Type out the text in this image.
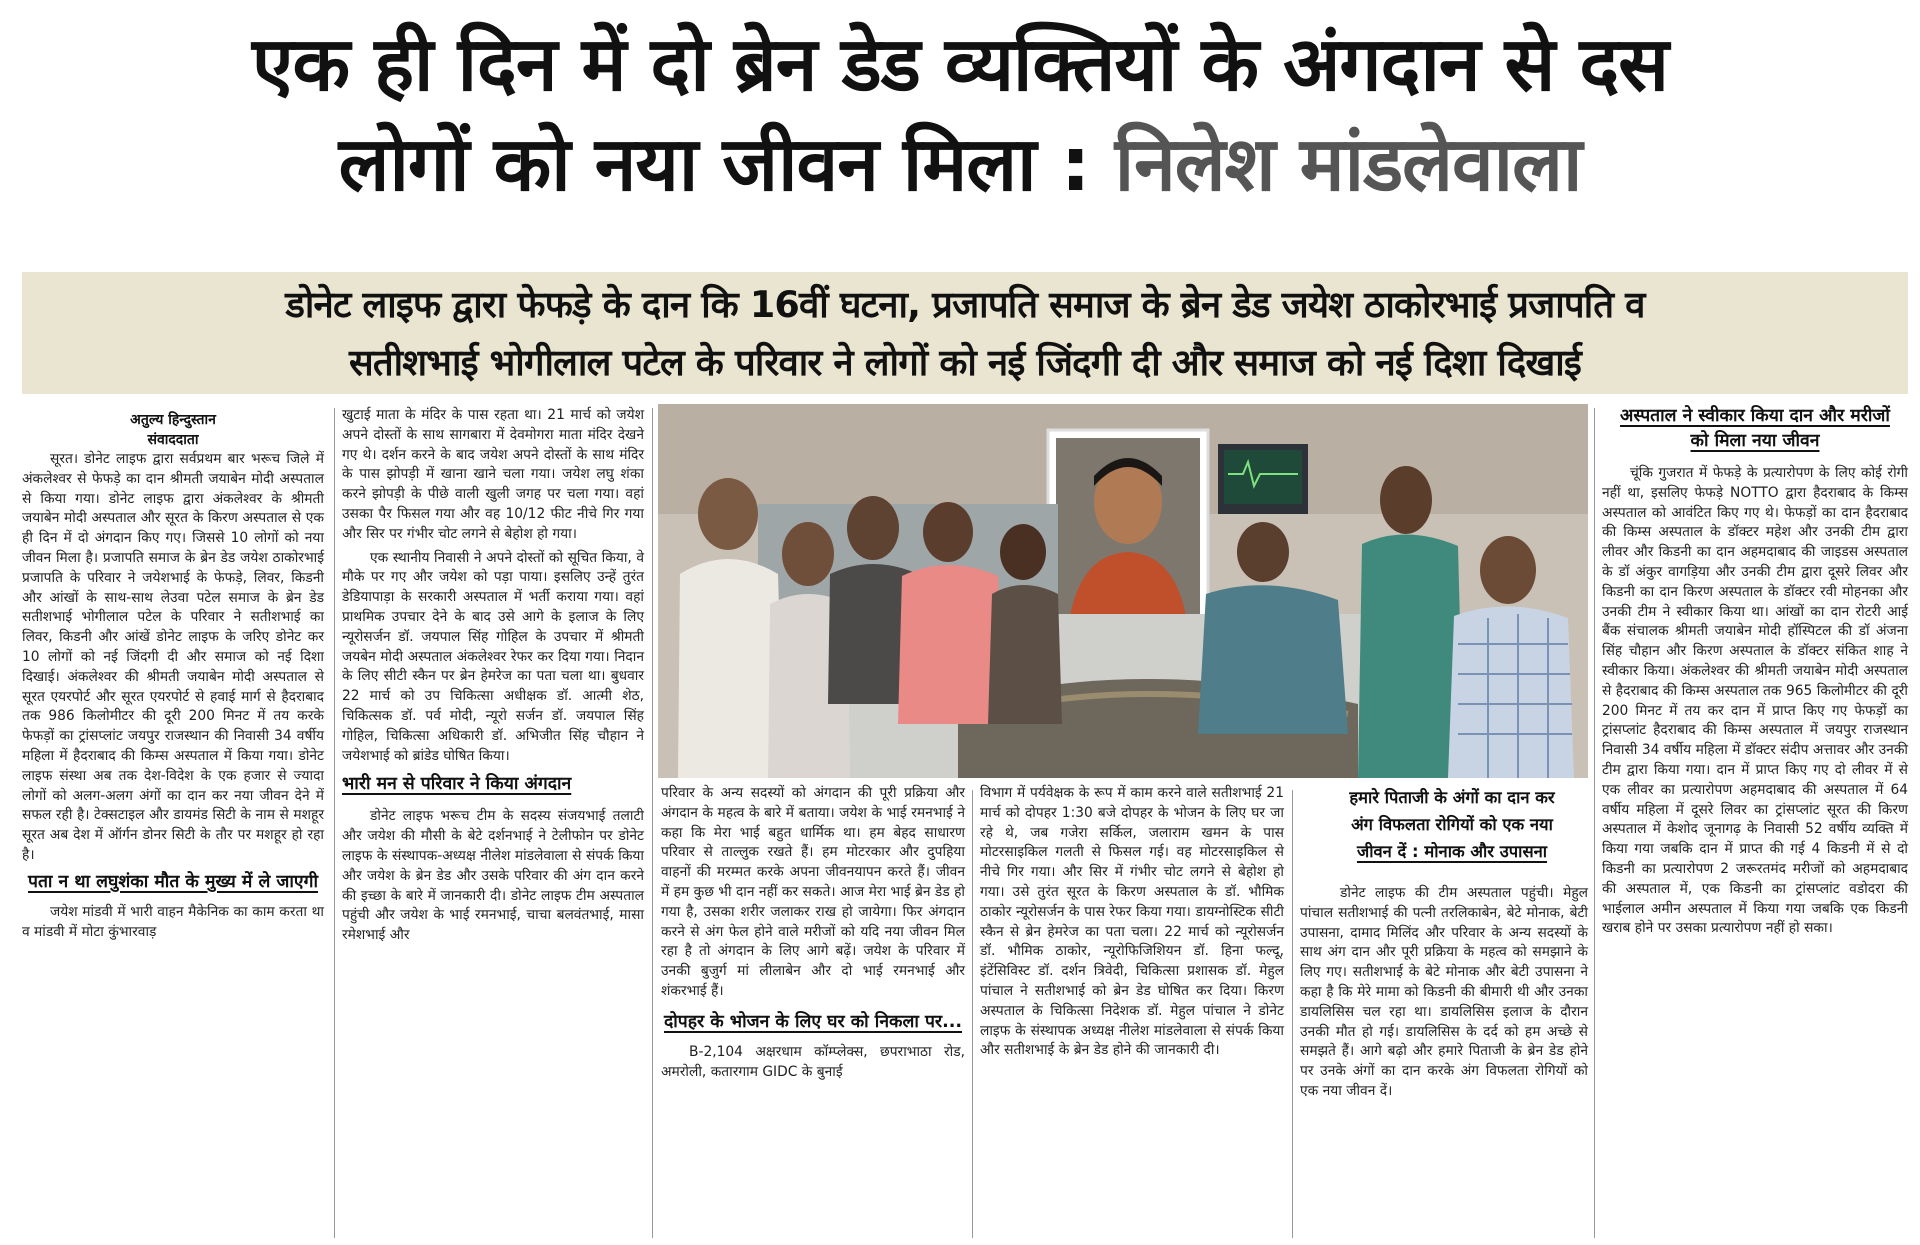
एक ही दिन में दो ब्रेन डेड व्यक्तियों के अंगदान से दस
लोगों को नया जीवन मिला : निलेश मांडलेवाला
डोनेट लाइफ द्वारा फेफड़े के दान कि 16वीं घटना, प्रजापति समाज के ब्रेन डेड जयेश ठाकोरभाई प्रजापति व
सतीशभाई भोगीलाल पटेल के परिवार ने लोगों को नई जिंदगी दी और समाज को नई दिशा दिखाई
अतुल्य हिन्दुस्तान
संवाददाता

सूरत। डोनेट लाइफ द्वारा सर्वप्रथम बार भरूच जिले में अंकलेश्वर से फेफड़े का दान श्रीमती जयाबेन मोदी अस्पताल से किया गया। डोनेट लाइफ द्वारा अंकलेश्वर के श्रीमती जयाबेन मोदी अस्पताल और सूरत के किरण अस्पताल से एक ही दिन में दो अंगदान किए गए। जिससे 10 लोगों को नया जीवन मिला है। प्रजापति समाज के ब्रेन डेड जयेश ठाकोरभाई प्रजापति के परिवार ने जयेशभाई के फेफड़े, लिवर, किडनी और आंखों के साथ-साथ लेउवा पटेल समाज के ब्रेन डेड सतीशभाई भोगीलाल पटेल के परिवार ने सतीशभाई का लिवर, किडनी और आंखें डोनेट लाइफ के जरिए डोनेट कर 10 लोगों को नई जिंदगी दी और समाज को नई दिशा दिखाई। अंकलेश्वर की श्रीमती जयाबेन मोदी अस्पताल से सूरत एयरपोर्ट और सूरत एयरपोर्ट से हवाई मार्ग से हैदराबाद तक 986 किलोमीटर की दूरी 200 मिनट में तय करके फेफड़ों का ट्रांसप्लांट जयपुर राजस्थान की निवासी 34 वर्षीय महिला में हैदराबाद की किम्स अस्पताल में किया गया। डोनेट लाइफ संस्था अब तक देश-विदेश के एक हजार से ज्यादा लोगों को अलग-अलग अंगों का दान कर नया जीवन देने में सफल रही है। टेक्सटाइल और डायमंड सिटी के नाम से मशहूर सूरत अब देश में ऑर्गन डोनर सिटी के तौर पर मशहूर हो रहा है।

पता न था लघुशंका मौत के मुख्य में ले जाएगी

जयेश मांडवी में भारी वाहन मैकेनिक का काम करता था व मांडवी में मोटा कुंभारवाड़

खुटाई माता के मंदिर के पास रहता था। 21 मार्च को जयेश अपने दोस्तों के साथ सागबारा में देवमोगरा माता मंदिर देखने गए थे। दर्शन करने के बाद जयेश अपने दोस्तों के साथ मंदिर के पास झोपड़ी में खाना खाने चला गया। जयेश लघु शंका करने झोपड़ी के पीछे वाली खुली जगह पर चला गया। वहां उसका पैर फिसल गया और वह 10/12 फीट नीचे गिर गया और सिर पर गंभीर चोट लगने से बेहोश हो गया।

एक स्थानीय निवासी ने अपने दोस्तों को सूचित किया, वे मौके पर गए और जयेश को पड़ा पाया। इसलिए उन्हें तुरंत डेडियापाड़ा के सरकारी अस्पताल में भर्ती कराया गया। वहां प्राथमिक उपचार देने के बाद उसे आगे के इलाज के लिए न्यूरोसर्जन डॉ. जयपाल सिंह गोहिल के उपचार में श्रीमती जयबेन मोदी अस्पताल अंकलेश्वर रेफर कर दिया गया। निदान के लिए सीटी स्कैन पर ब्रेन हेमरेज का पता चला था। बुधवार 22 मार्च को उप चिकित्सा अधीक्षक डॉ. आत्मी शेठ, चिकित्सक डॉ. पर्व मोदी, न्यूरो सर्जन डॉ. जयपाल सिंह गोहिल, चिकित्सा अधिकारी डॉ. अभिजीत सिंह चौहान ने जयेशभाई को ब्रांडेड घोषित किया।

भारी मन से परिवार ने किया अंगदान

डोनेट लाइफ भरूच टीम के सदस्य संजयभाई तलाटी और जयेश की मौसी के बेटे दर्शनभाई ने टेलीफोन पर डोनेट लाइफ के संस्थापक-अध्यक्ष नीलेश मांडलेवाला से संपर्क किया और जयेश के ब्रेन डेड और उसके परिवार की अंग दान करने की इच्छा के बारे में जानकारी दी। डोनेट लाइफ टीम अस्पताल पहुंची और जयेश के भाई रमनभाई, चाचा बलवंतभाई, मासा रमेशभाई और

परिवार के अन्य सदस्यों को अंगदान की पूरी प्रक्रिया और अंगदान के महत्व के बारे में बताया। जयेश के भाई रमनभाई ने कहा कि मेरा भाई बहुत धार्मिक था। हम बेहद साधारण परिवार से ताल्लुक रखते हैं। हम मोटरकार और दुपहिया वाहनों की मरम्मत करके अपना जीवनयापन करते हैं। जीवन में हम कुछ भी दान नहीं कर सकते। आज मेरा भाई ब्रेन डेड हो गया है, उसका शरीर जलाकर राख हो जायेगा। फिर अंगदान करने से अंग फेल होने वाले मरीजों को यदि नया जीवन मिल रहा है तो अंगदान के लिए आगे बढ़ें। जयेश के परिवार में उनकी बुजुर्ग मां लीलाबेन और दो भाई रमनभाई और शंकरभाई हैं।

दोपहर के भोजन के लिए घर को निकला पर...

B-2,104 अक्षरधाम कॉम्प्लेक्स, छपराभाठा रोड, अमरोली, कतारगाम GIDC के बुनाई

विभाग में पर्यवेक्षक के रूप में काम करने वाले सतीशभाई 21 मार्च को दोपहर 1:30 बजे दोपहर के भोजन के लिए घर जा रहे थे, जब गजेरा सर्किल, जलाराम खमन के पास मोटरसाइकिल गलती से फिसल गई। वह मोटरसाइकिल से नीचे गिर गया। और सिर में गंभीर चोट लगने से बेहोश हो गया। उसे तुरंत सूरत के किरण अस्पताल के डॉ. भौमिक ठाकोर न्यूरोसर्जन के पास रेफर किया गया। डायग्नोस्टिक सीटी स्कैन से ब्रेन हेमरेज का पता चला। 22 मार्च को न्यूरोसर्जन डॉ. भौमिक ठाकोर, न्यूरोफिजिशियन डॉ. हिना फल्दू, इंटेंसिविस्ट डॉ. दर्शन त्रिवेदी, चिकित्सा प्रशासक डॉ. मेहुल पांचाल ने सतीशभाई को ब्रेन डेड घोषित कर दिया। किरण अस्पताल के चिकित्सा निदेशक डॉ. मेहुल पांचाल ने डोनेट लाइफ के संस्थापक अध्यक्ष नीलेश मांडलेवाला से संपर्क किया और सतीशभाई के ब्रेन डेड होने की जानकारी दी।

हमारे पिताजी के अंगों का दान कर
अंग विफलता रोगियों को एक नया
जीवन दें : मोनाक और उपासना

डोनेट लाइफ की टीम अस्पताल पहुंची। मेहुल पांचाल सतीशभाई की पत्नी तरलिकाबेन, बेटे मोनाक, बेटी उपासना, दामाद मिलिंद और परिवार के अन्य सदस्यों के साथ अंग दान और पूरी प्रक्रिया के महत्व को समझाने के लिए गए। सतीशभाई के बेटे मोनाक और बेटी उपासना ने कहा है कि मेरे मामा को किडनी की बीमारी थी और उनका डायलिसिस चल रहा था। डायलिसिस इलाज के दौरान उनकी मौत हो गई। डायलिसिस के दर्द को हम अच्छे से समझते हैं। आगे बढ़ो और हमारे पिताजी के ब्रेन डेड होने पर उनके अंगों का दान करके अंग विफलता रोगियों को एक नया जीवन दें।

अस्पताल ने स्वीकार किया दान और मरीजों को मिला नया जीवन

चूंकि गुजरात में फेफड़े के प्रत्यारोपण के लिए कोई रोगी नहीं था, इसलिए फेफड़े NOTTO द्वारा हैदराबाद के किम्स अस्पताल को आवंटित किए गए थे। फेफड़ों का दान हैदराबाद की किम्स अस्पताल के डॉक्टर महेश और उनकी टीम द्वारा लीवर और किडनी का दान अहमदाबाद की जाइडस अस्पताल के डॉ अंकुर वागड़िया और उनकी टीम द्वारा दूसरे लिवर और किडनी का दान किरण अस्पताल के डॉक्टर रवी मोहनका और उनकी टीम ने स्वीकार किया था। आंखों का दान रोटरी आई बैंक संचालक श्रीमती जयाबेन मोदी हॉस्पिटल की डॉ अंजना सिंह चौहान और किरण अस्पताल के डॉक्टर संकित शाह ने स्वीकार किया। अंकलेश्वर की श्रीमती जयाबेन मोदी अस्पताल से हैदराबाद की किम्स अस्पताल तक 965 किलोमीटर की दूरी 200 मिनट में तय कर दान में प्राप्त किए गए फेफड़ों का ट्रांसप्लांट हैदराबाद की किम्स अस्पताल में जयपुर राजस्थान निवासी 34 वर्षीय महिला में डॉक्टर संदीप अत्तावर और उनकी टीम द्वारा किया गया। दान में प्राप्त किए गए दो लीवर में से एक लीवर का प्रत्यारोपण अहमदाबाद की अस्पताल में 64 वर्षीय महिला में दूसरे लिवर का ट्रांसप्लांट सूरत की किरण अस्पताल में केशोद जूनागढ़ के निवासी 52 वर्षीय व्यक्ति में किया गया जबकि दान में प्राप्त की गई 4 किडनी में से दो किडनी का प्रत्यारोपण 2 जरूरतमंद मरीजों को अहमदाबाद की अस्पताल में, एक किडनी का ट्रांसप्लांट वडोदरा की भाईलाल अमीन अस्पताल में किया गया जबकि एक किडनी खराब होने पर उसका प्रत्यारोपण नहीं हो सका।
